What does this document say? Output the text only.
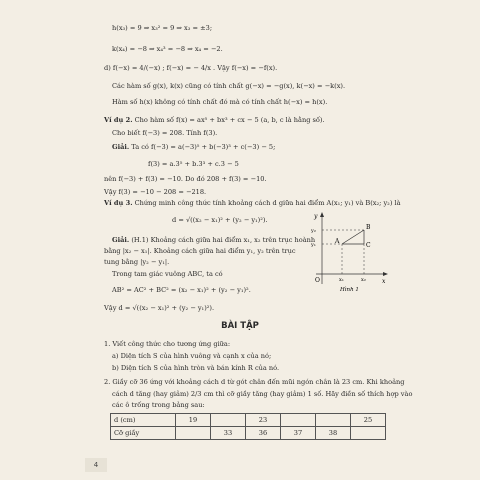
h(x₃) = 9 ⇒ x₃² = 9 ⇒ x₃ = ±3;
k(x₄) = −8 ⇒ x₄³ = −8 ⇒ x₄ = −2.
d) f(−x) = 4/(−x) ; f(−x) = − 4/x . Vậy f(−x) = −f(x).
Các hàm số g(x), k(x) cũng có tính chất g(−x) = −g(x), k(−x) = −k(x).
Hàm số h(x) không có tính chất đó mà có tính chất h(−x) = h(x).
Ví dụ 2. Cho hàm số f(x) = ax⁵ + bx³ + cx − 5 (a, b, c là hằng số).
Cho biết f(−3) = 208. Tính f(3).
Giải. Ta có f(−3) = a(−3)⁵ + b(−3)³ + c(−3) − 5;
f(3) = a.3⁵ + b.3³ + c.3 − 5
nên f(−3) + f(3) = −10. Do đó 208 + f(3) = −10.
Vậy f(3) = −10 − 208 = −218.
Ví dụ 3. Chứng minh công thức tính khoảng cách d giữa hai điểm A(x₁; y₁) và B(x₂; y₂) là
d = √((x₂ − x₁)² + (y₂ − y₁)²).
Giải. (H.1) Khoảng cách giữa hai điểm x₁, x₂ trên trục hoành
bằng |x₂ − x₁|. Khoảng cách giữa hai điểm y₁, y₂ trên trục
tung bằng |y₂ − y₁|.
Trong tam giác vuông ABC, ta có
AB² = AC² + BC² = (x₂ − x₁)² + (y₂ − y₁)².
Vậy d = √((x₂ − x₁)² + (y₂ − y₁)²).
y
x
O
y₂
y₁
x₁	x₂
A
B
C
Hình 1
BÀI TẬP
1. Viết công thức cho tương ứng giữa:
a) Diện tích S của hình vuông và cạnh x của nó;
b) Diện tích S của hình tròn và bán kính R của nó.
2. Giầy cỡ 36 ứng với khoảng cách d từ gót chân đến mũi ngón chân là 23 cm. Khi khoảng
cách d tăng (hay giảm) 2/3 cm thì cỡ giầy tăng (hay giảm) 1 số. Hãy điền số thích hợp vào
các ô trống trong bảng sau:
d (cm)	19		23			25
Cỡ giầy		33	36	37	38	
4
